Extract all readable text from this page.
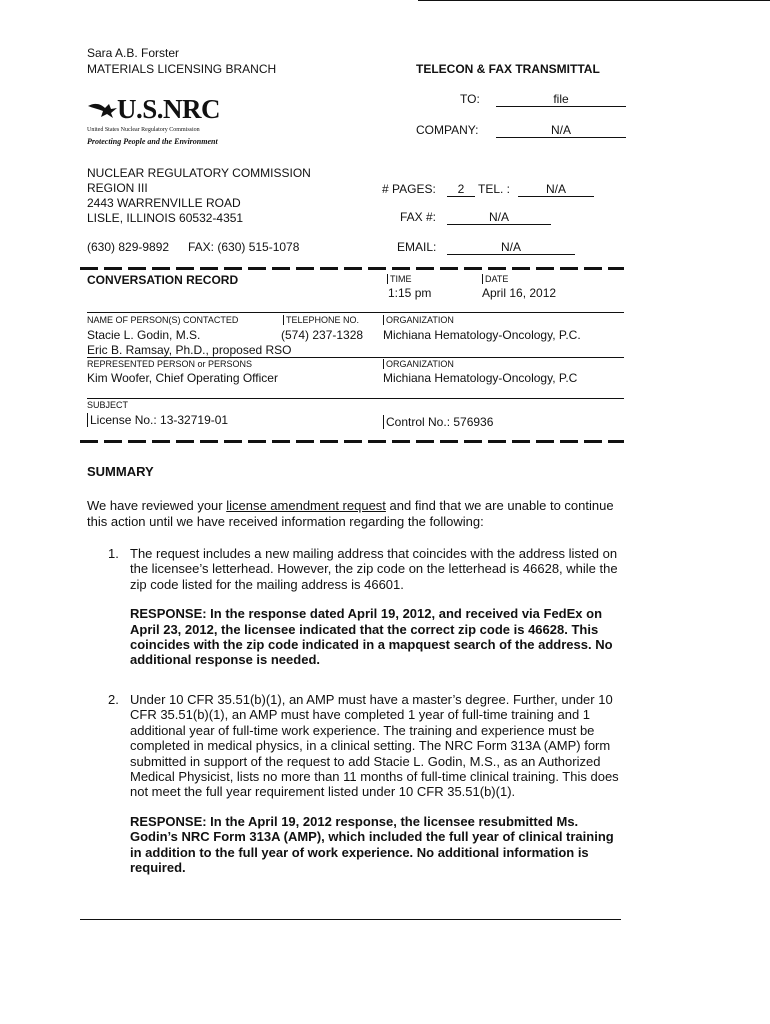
Sara A.B. Forster
MATERIALS LICENSING BRANCH	TELECON & FAX TRANSMITTAL
U.S.NRC
United States Nuclear Regulatory Commission
Protecting People and the Environment
TO:	file
COMPANY:	N/A
NUCLEAR REGULATORY COMMISSION
REGION III
2443 WARRENVILLE ROAD
LISLE, ILLINOIS 60532-4351
(630) 829-9892 FAX: (630) 515-1078
# PAGES:	2	TEL. :	N/A
FAX #:	N/A
EMAIL:	N/A
CONVERSATION RECORD	TIME
1:15 pm
DATE
April 16, 2012
NAME OF PERSON(S) CONTACTED	TELEPHONE NO.	ORGANIZATION
Stacie L. Godin, M.S.	(574) 237-1328 Michiana Hematology-Oncology, P.C.
Eric B. Ramsay, Ph.D., proposed RSO
REPRESENTED PERSON or PERSONS	ORGANIZATION
Kim Woofer, Chief Operating Officer	Michiana Hematology-Oncology, P.C
SUBJECT
License No.: 13-32719-01	Control No.: 576936
SUMMARY
We have reviewed your license amendment request and find that we are unable to continue this action until we have received information regarding the following:
1. The request includes a new mailing address that coincides with the address listed on the licensee’s letterhead. However, the zip code on the letterhead is 46628, while the zip code listed for the mailing address is 46601.
RESPONSE: In the response dated April 19, 2012, and received via FedEx on April 23, 2012, the licensee indicated that the correct zip code is 46628. This coincides with the zip code indicated in a mapquest search of the address. No additional response is needed.
2. Under 10 CFR 35.51(b)(1), an AMP must have a master’s degree. Further, under 10 CFR 35.51(b)(1), an AMP must have completed 1 year of full-time training and 1 additional year of full-time work experience. The training and experience must be completed in medical physics, in a clinical setting. The NRC Form 313A (AMP) form submitted in support of the request to add Stacie L. Godin, M.S., as an Authorized Medical Physicist, lists no more than 11 months of full-time clinical training. This does not meet the full year requirement listed under 10 CFR 35.51(b)(1).
RESPONSE: In the April 19, 2012 response, the licensee resubmitted Ms. Godin’s NRC Form 313A (AMP), which included the full year of clinical training in addition to the full year of work experience. No additional information is required.
